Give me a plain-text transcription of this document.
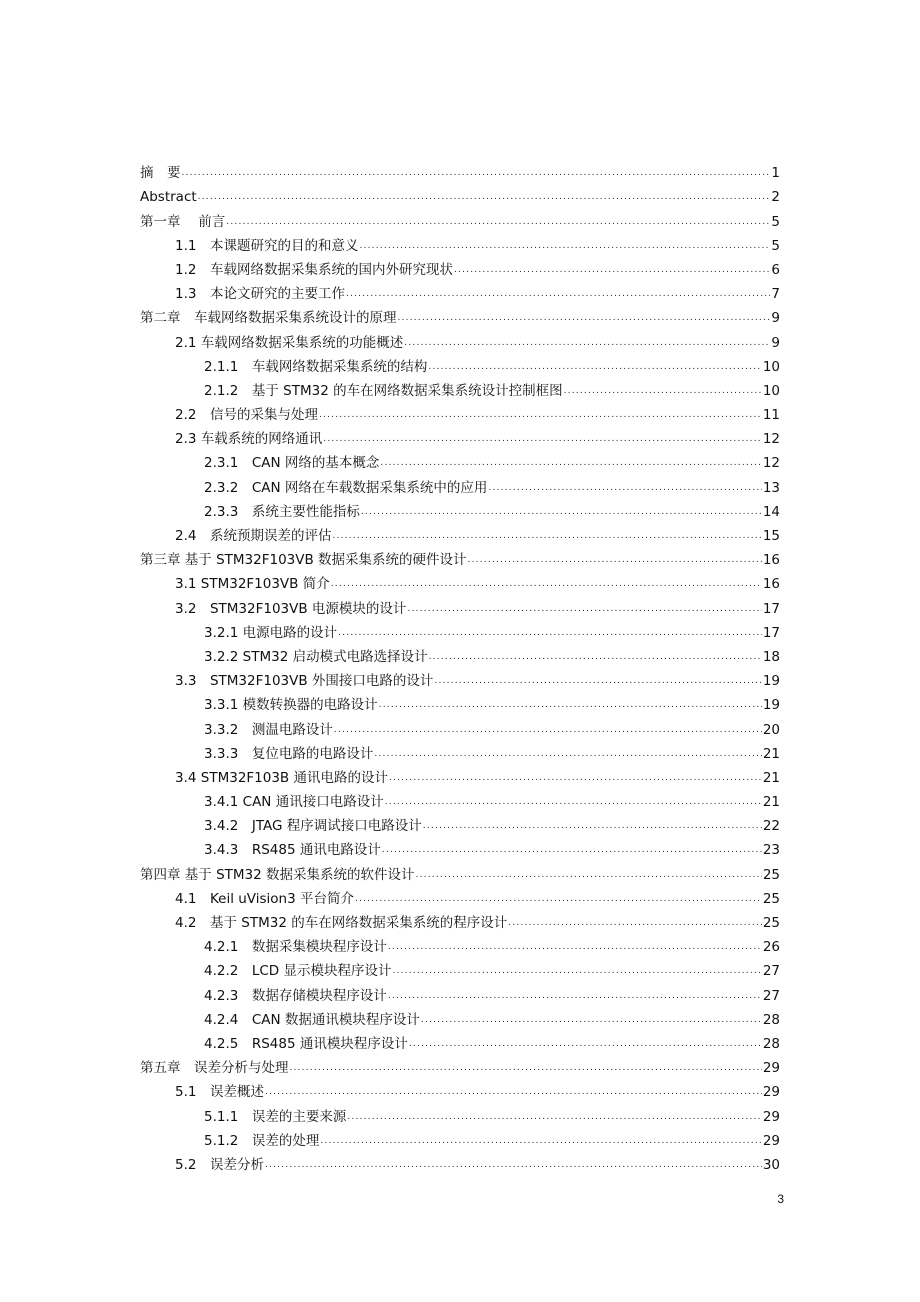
摘　要 .....	1
Abstract .....	2
第一章　 前言 .....	5
1.1　本课题研究的目的和意义 .....	5
1.2　车载网络数据采集系统的国内外研究现状 .....	6
1.3　本论文研究的主要工作 .....	7
第二章　车载网络数据采集系统设计的原理 .....	9
2.1 车载网络数据采集系统的功能概述 .....	9
2.1.1　车载网络数据采集系统的结构 .....	10
2.1.2　基于 STM32 的车在网络数据采集系统设计控制框图 .....	10
2.2　信号的采集与处理 .....	11
2.3 车载系统的网络通讯 .....	12
2.3.1　CAN 网络的基本概念 .....	12
2.3.2　CAN 网络在车载数据采集系统中的应用 .....	13
2.3.3　系统主要性能指标 .....	14
2.4　系统预期误差的评估 .....	15
第三章 基于 STM32F103VB 数据采集系统的硬件设计 .....	16
3.1 STM32F103VB 简介 .....	16
3.2　STM32F103VB 电源模块的设计 .....	17
3.2.1 电源电路的设计 .....	17
3.2.2 STM32 启动模式电路选择设计 .....	18
3.3　STM32F103VB 外围接口电路的设计 .....	19
3.3.1 模数转换器的电路设计 .....	19
3.3.2　测温电路设计 .....	20
3.3.3　复位电路的电路设计 .....	21
3.4 STM32F103B 通讯电路的设计 .....	21
3.4.1 CAN 通讯接口电路设计 .....	21
3.4.2　JTAG 程序调试接口电路设计 .....	22
3.4.3　RS485 通讯电路设计 .....	23
第四章 基于 STM32 数据采集系统的软件设计 .....	25
4.1　Keil uVision3 平台简介 .....	25
4.2　基于 STM32 的车在网络数据采集系统的程序设计 .....	25
4.2.1　数据采集模块程序设计 .....	26
4.2.2　LCD 显示模块程序设计 .....	27
4.2.3　数据存储模块程序设计 .....	27
4.2.4　CAN 数据通讯模块程序设计 .....	28
4.2.5　RS485 通讯模块程序设计 .....	28
第五章　误差分析与处理 .....	29
5.1　误差概述 .....	29
5.1.1　误差的主要来源 .....	29
5.1.2　误差的处理 .....	29
5.2　误差分析 .....	30
3
